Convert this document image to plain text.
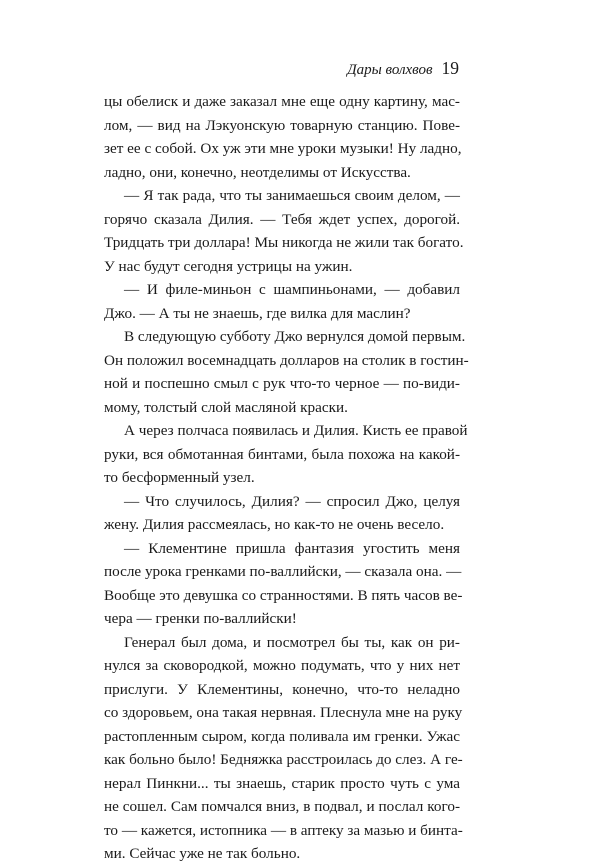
Дары волхвов 19
цы обелиск и даже заказал мне еще одну картину, мас-
лом, — вид на Лэкуонскую товарную станцию. Пове-
зет ее с собой. Ох уж эти мне уроки музыки! Ну ладно,
ладно, они, конечно, неотделимы от Искусства.
— Я так рада, что ты занимаешься своим делом, —
горячо сказала Дилия. — Тебя ждет успех, дорогой.
Тридцать три доллара! Мы никогда не жили так богато.
У нас будут сегодня устрицы на ужин.
— И филе-миньон с шампиньонами, — добавил
Джо. — А ты не знаешь, где вилка для маслин?
В следующую субботу Джо вернулся домой первым.
Он положил восемнадцать долларов на столик в гостин-
ной и поспешно смыл с рук что-то черное — по-види-
мому, толстый слой масляной краски.
А через полчаса появилась и Дилия. Кисть ее правой
руки, вся обмотанная бинтами, была похожа на какой-
то бесформенный узел.
— Что случилось, Дилия? — спросил Джо, целуя
жену. Дилия рассмеялась, но как-то не очень весело.
— Клементине пришла фантазия угостить меня
после урока гренками по-валлийски, — сказала она. —
Вообще это девушка со странностями. В пять часов ве-
чера — гренки по-валлийски!
Генерал был дома, и посмотрел бы ты, как он ри-
нулся за сковородкой, можно подумать, что у них нет
прислуги. У Клементины, конечно, что-то неладно
со здоровьем, она такая нервная. Плеснула мне на руку
растопленным сыром, когда поливала им гренки. Ужас
как больно было! Бедняжка расстроилась до слез. А ге-
нерал Пинкни... ты знаешь, старик просто чуть с ума
не сошел. Сам помчался вниз, в подвал, и послал кого-
то — кажется, истопника — в аптеку за мазью и бинта-
ми. Сейчас уже не так больно.
